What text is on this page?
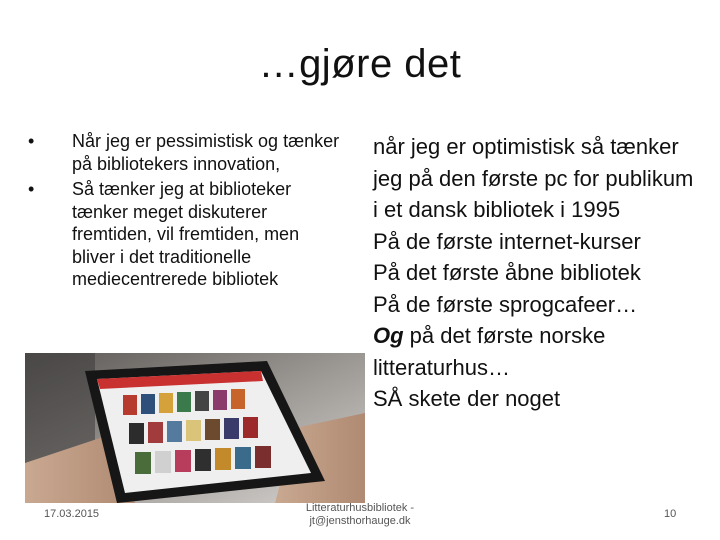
…gjøre det
•	Når jeg er pessimistisk og tænker på bibliotekers innovation,
•	Så tænker jeg at biblioteker tænker meget diskuterer fremtiden, vil fremtiden, men bliver i det traditionelle mediecentrerede bibliotek

når jeg er optimistisk så tænker jeg på den første pc for publikum i et dansk bibliotek i 1995

På de første internet-kurser

På det første åbne bibliotek

På de første sprogcafeer…

Og på det første norske litteraturhus…

SÅ skete der noget

17.03.2015	Litteraturhusbibliotek -
jt@jensthorhauge.dk
10
